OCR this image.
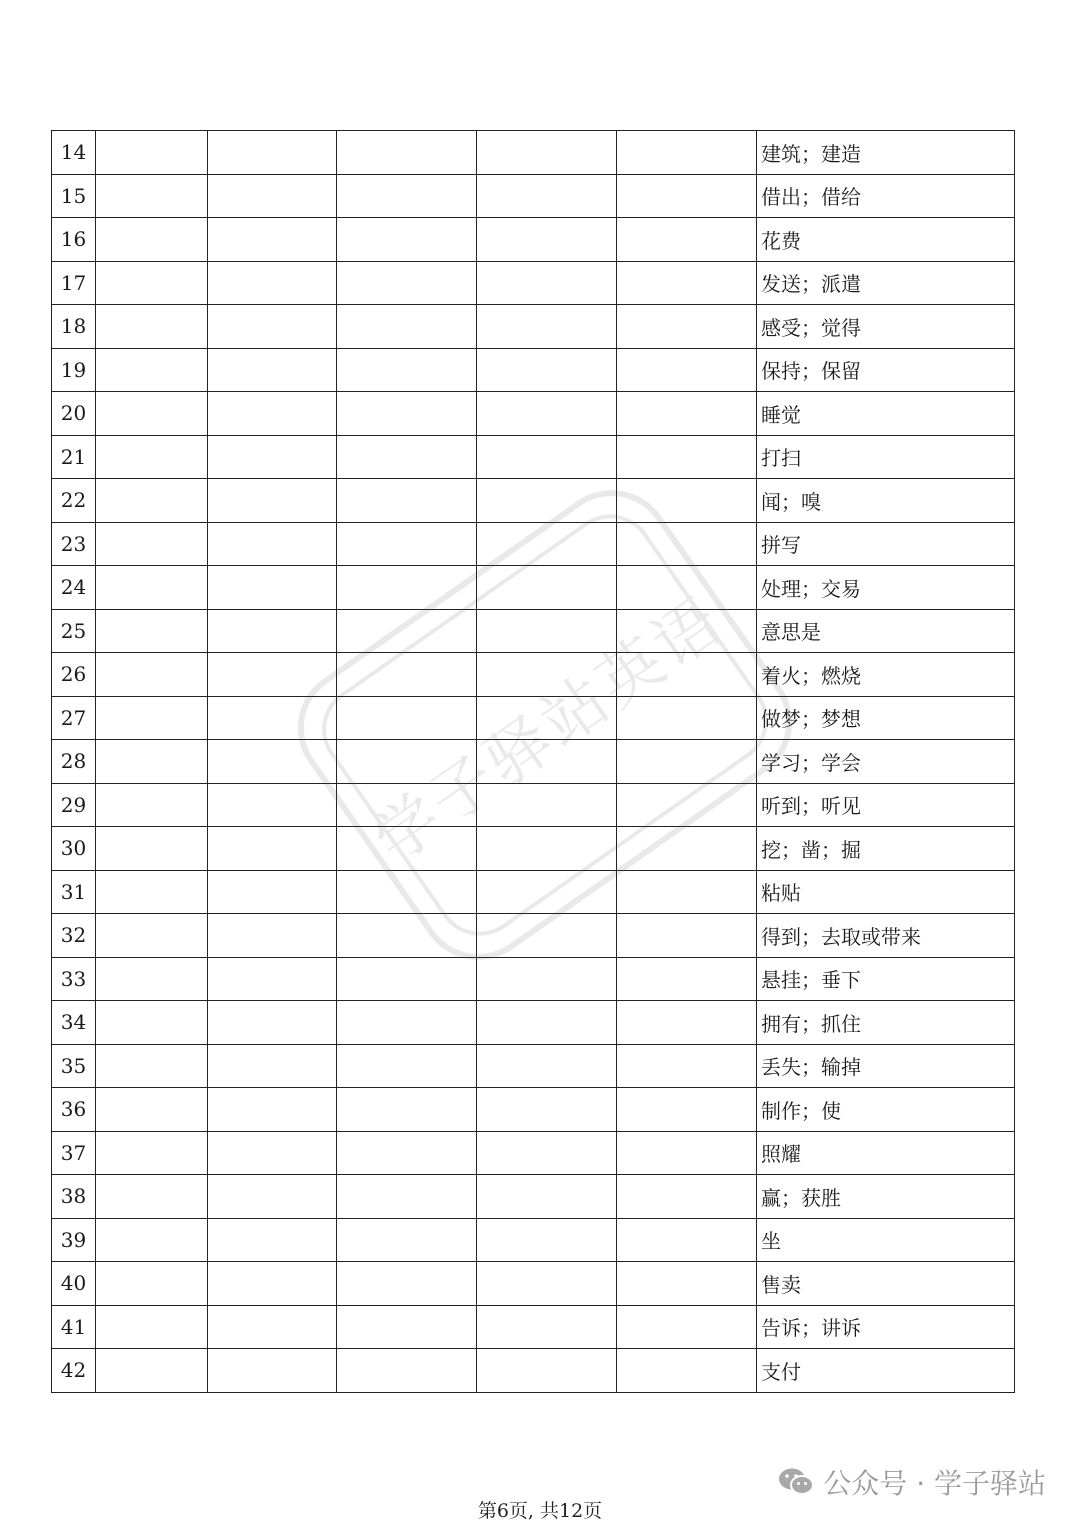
14						建筑；建造
15						借出；借给
16						花费
17						发送；派遣
18						感受；觉得
19						保持；保留
20						睡觉
21						打扫
22						闻；嗅
23						拼写
24						处理；交易
25						意思是
26						着火；燃烧
27						做梦；梦想
28						学习；学会
29						听到；听见
30						挖；凿；掘
31						粘贴
32						得到；去取或带来
33						悬挂；垂下
34						拥有；抓住
35						丢失；输掉
36						制作；使
37						照耀
38						赢；获胜
39						坐
40						售卖
41						告诉；讲诉
42						支付
学子驿站英语
公众号 · 学子驿站
第6页, 共12页
